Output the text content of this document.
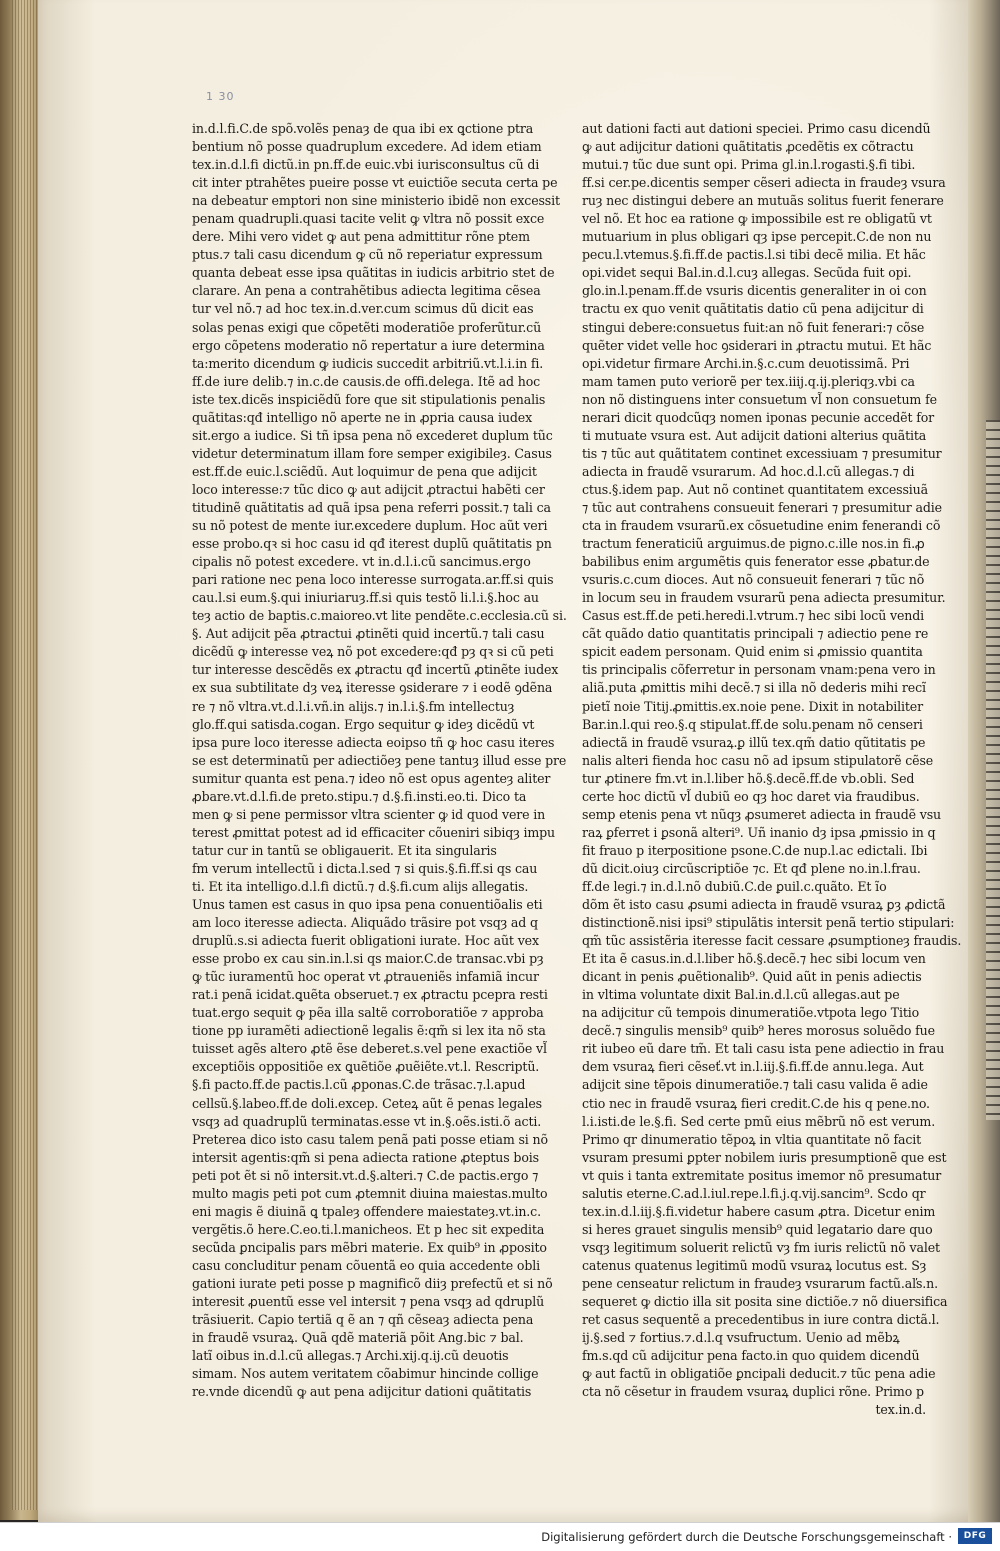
1 30
in.d.l.fi.C.de spõ.volẽs penaȝ de qua ibi ex ꝗctione ptra
bentium nõ posse quadruplum excedere. Ad idem etiam
tex.in.d.l.fi dictũ.in pn.ff.de euic.vbi iurisconsultus cũ di
cit inter ptrahẽtes pueire posse vt euictiõe secuta certa pe
na debeatur emptori non sine ministerio ibidẽ non excessit
penam quadrupli.quasi tacite velit ꝙ vltra nõ possit exce
dere. Mihi vero videt ꝙ aut pena admittitur rõne ptem
ptus.⁊ tali casu dicendum ꝙ cũ nõ reperiatur expressum
quanta debeat esse ipsa quãtitas in iudicis arbitrio stet de
clarare. An pena a contrahẽtibus adiecta legitima cẽsea
tur vel nõ.⁊ ad hoc tex.in.d.ver.cum scimus dũ dicit eas
solas penas exigi que cõpetẽti moderatiõe proferũtur.cũ
ergo cõpetens moderatio nõ repertatur a iure determina
ta:merito dicendum ꝙ iudicis succedit arbitriũ.vt.l.i.in fi.
ff.de iure delib.⁊ in.c.de causis.de offi.delega. Itẽ ad hoc
iste tex.dicẽs inspiciẽdũ fore que sit stipulationis penalis
quãtitas:qđ intelligo nõ aperte ne in ꝓpria causa iudex
sit.ergo a iudice. Si tñ ipsa pena nõ excederet duplum tũc
videtur determinatum illam fore semper exigibileȝ. Casus
est.ff.de euic.l.sciẽdũ. Aut loquimur de pena que adijcit
loco interesse:⁊ tũc dico ꝙ aut adijcit ꝓtractui habẽti cer
titudinẽ quãtitatis ad quã ipsa pena referri possit.⁊ tali ca
su nõ potest de mente iur.excedere duplum. Hoc aũt veri
esse probo.qꝛ si hoc casu id qđ iterest duplũ quãtitatis pn
cipalis nõ potest excedere. vt in.d.l.i.cũ sancimus.ergo
pari ratione nec pena loco interesse surrogata.ar.ff.si quis
cau.l.si eum.§.qui iniuriaruȝ.ff.si quis testõ li.l.i.§.hoc au
teȝ actio de baptis.c.maioreo.vt lite pendẽte.c.ecclesia.cũ si.
§. Aut adijcit pẽa ꝓtractui ꝓtinẽti quid incertũ.⁊ tali casu
dicẽdũ ꝙ interesse veꝝ nõ pot excedere:qđ pȝ qꝛ si cũ peti
tur interesse descẽdẽs ex ꝓtractu qđ incertũ ꝓtinẽte iudex
ex sua subtilitate dȝ veꝝ iteresse ꝯsiderare ⁊ i eodẽ ꝯdẽna
re ⁊ nõ vltra.vt.d.l.i.vñ.in alijs.⁊ in.l.i.§.fm intellectuȝ
glo.ff.qui satisda.cogan. Ergo sequitur ꝙ ideȝ dicẽdũ vt
ipsa pure loco iteresse adiecta eoipso tñ ꝙ hoc casu iteres
se est determinatũ per adiectiõeȝ pene tantuȝ illud esse pre
sumitur quanta est pena.⁊ ideo nõ est opus agenteȝ aliter
ꝓbare.vt.d.l.fi.de preto.stipu.⁊ d.§.fi.insti.eo.ti. Dico ta
men ꝙ si pene permissor vltra scienter ꝙ id quod vere in
terest ꝓmittat potest ad id efficaciter cõueniri sibiqȝ impu
tatur cur in tantũ se obligauerit. Et ita singularis
fm verum intellectũ i dicta.l.sed ⁊ si quis.§.fi.ff.si qs cau
ti. Et ita intelligo.d.l.fi dictũ.⁊ d.§.fi.cum alijs allegatis.
Unus tamen est casus in quo ipsa pena conuentiõalis eti
am loco iteresse adiecta. Aliquãdo trãsire pot vsqȝ ad q
druplũ.s.si adiecta fuerit obligationi iurate. Hoc aũt vex
esse probo ex cau sin.in.l.si qs maior.C.de transac.vbi pȝ
ꝙ tũc iuramentũ hoc operat vt ꝓtraueniẽs infamiã incur
rat.i penã icidat.ꝗuẽta obseruet.⁊ ex ꝓtractu pcepra resti
tuat.ergo sequit ꝙ pẽa illa saltẽ corroboratiõe ⁊ approba
tione pp iuramẽti adiectionẽ legalis ẽ:qm̃ si lex ita nõ sta
tuisset agẽs altero ꝓtẽ ẽse deberet.s.vel pene exactiõe vl̃
exceptiõis oppositiõe ex ꝗuẽtiõe ꝓuẽiẽte.vt.l. Rescriptũ.
§.fi pacto.ff.de pactis.l.cũ ꝓponas.C.de trãsac.⁊.l.apud
cellsũ.§.labeo.ff.de doli.excep. Ceteꝝ aũt ẽ penas legales
vsqȝ ad quadruplũ terminatas.esse vt in.§.oẽs.isti.õ acti.
Preterea dico isto casu talem penã pati posse etiam si nõ
intersit agentis:qm̃ si pena adiecta ratione ꝓteptus bois
peti pot ẽt si nõ intersit.vt.d.§.alteri.⁊ C.de pactis.ergo ⁊
multo magis peti pot cum ꝓtemnit diuina maiestas.multo
eni magis ẽ diuinã ꝗ tpaleȝ offendere maiestateȝ.vt.in.c.
vergẽtis.õ here.C.eo.ti.l.manicheos. Et p hec sit expedita
secũda ꝑncipalis pars mẽbri materie. Ex quib⁹ in ꝓposito
casu concluditur penam cõuentã eo quia accedente obli
gationi iurate peti posse p magnificõ diiȝ prefectũ et si nõ
interesit ꝓuentũ esse vel intersit ⁊ pena vsqȝ ad qdruplũ
trãsiuerit. Capio tertiã q ẽ an ⁊ qñ cẽseaȝ adiecta pena
in fraudẽ vsuraꝝ. Quã qdẽ materiã põit Ang.bic ⁊ bal.
latĩ oibus in.d.l.cũ allegas.⁊ Archi.xij.q.ij.cũ deuotis
simam. Nos autem veritatem cõabimur hincinde collige
re.vnde dicendũ ꝙ aut pena adijcitur dationi quãtitatis
aut dationi facti aut dationi speciei. Primo casu dicendũ
ꝙ aut adijcitur dationi quãtitatis ꝓcedẽtis ex cõtractu
mutui.⁊ tũc due sunt opi. Prima gl.in.l.rogasti.§.fi tibi.
ff.si cer.pe.dicentis semper cẽseri adiecta in fraudeȝ vsura
ruȝ nec distingui debere an mutuãs solitus fuerit fenerare
vel nõ. Et hoc ea ratione ꝙ impossibile est re obligatũ vt
mutuarium in plus obligari qȝ ipse percepit.C.de non nu
pecu.l.vtemus.§.fi.ff.de pactis.l.si tibi decẽ milia. Et hãc
opi.videt sequi Bal.in.d.l.cuȝ allegas. Secũda fuit opi.
glo.in.l.penam.ff.de vsuris dicentis generaliter in oi con
tractu ex quo venit quãtitatis datio cũ pena adijcitur di
stingui debere:consuetus fuit:an nõ fuit fenerari:⁊ cõse
quẽter videt velle hoc ꝯsiderari in ꝓtractu mutui. Et hãc
opi.videtur firmare Archi.in.§.c.cum deuotissimã. Pri
mam tamen puto veriorẽ per tex.iiij.q.ij.pleriqȝ.vbi ca
non nõ distinguens inter consuetum vl̃ non consuetum fe
nerari dicit quodcũqȝ nomen iponas pecunie accedẽt for
ti mutuate vsura est. Aut adijcit dationi alterius quãtita
tis ⁊ tũc aut quãtitatem continet excessiuam ⁊ presumitur
adiecta in fraudẽ vsurarum. Ad hoc.d.l.cũ allegas.⁊ di
ctus.§.idem pap. Aut nõ continet quantitatem excessiuã
⁊ tũc aut contrahens consueuit fenerari ⁊ presumitur adie
cta in fraudem vsurarũ.ex cõsuetudine enim fenerandi cõ
tractum feneraticiũ arguimus.de pigno.c.ille nos.in fi.ꝓ
babilibus enim argumẽtis quis fenerator esse ꝓbatur.de
vsuris.c.cum dioces. Aut nõ consueuit fenerari ⁊ tũc nõ
in locum seu in fraudem vsurarũ pena adiecta presumitur.
Casus est.ff.de peti.heredi.l.vtrum.⁊ hec sibi locũ vendi
cãt quãdo datio quantitatis principali ⁊ adiectio pene re
spicit eadem personam. Quid enim si ꝓmissio quantita
tis principalis cõferretur in personam vnam:pena vero in
aliã.puta ꝓmittis mihi decẽ.⁊ si illa nõ dederis mihi recĩ
pietĩ noie Titij.ꝓmittis.ex.noie pene. Dixit in notabiliter
Bar.in.l.qui reo.§.q stipulat.ff.de solu.penam nõ censeri
adiectã in fraudẽ vsuraꝝ.ꝑ illũ tex.qm̃ datio qũtitatis pe
nalis alteri fienda hoc casu nõ ad ipsum stipulatorẽ cẽse
tur ꝓtinere fm.vt in.l.liber hõ.§.decẽ.ff.de vb.obli. Sed
certe hoc dictũ vl̃ dubiũ eo qȝ hoc daret via fraudibus.
semp etenis pena vt nũqȝ ꝓsumeret adiecta in fraudẽ vsu
raꝝ ꝑferret i ꝑsonã alteri⁹. Uñ inanio dȝ ipsa ꝓmissio in q
fit frauo p iterpositione psone.C.de nup.l.ac edictali. Ibi
dũ dicit.oiuȝ circũscriptiõe ⁊c. Et qđ plene no.in.l.frau.
ff.de legi.⁊ in.d.l.nõ dubiũ.C.de ꝑuil.c.quãto. Et ĩo
dõm ẽt isto casu ꝓsumi adiecta in fraudẽ vsuraꝝ ꝑȝ ꝓdictã
distinctionẽ.nisi ipsi⁹ stipulãtis intersit penã tertio stipulari:
qm̃ tũc assistẽria iteresse facit cessare ꝓsumptioneȝ fraudis.
Et ita ẽ casus.in.d.l.liber hõ.§.decẽ.⁊ hec sibi locum ven
dicant in penis ꝓuẽtionalib⁹. Quid aũt in penis adiectis
in vltima voluntate dixit Bal.in.d.l.cũ allegas.aut pe
na adijcitur cũ tempois dinumeratiõe.vtpota lego Titio
decẽ.⁊ singulis mensib⁹ quib⁹ heres morosus soluẽdo fue
rit iubeo eũ dare tm̃. Et tali casu ista pene adiectio in frau
dem vsuraꝝ fieri cẽseť.vt in.l.iij.§.fi.ff.de annu.lega. Aut
adijcit sine tẽpois dinumeratiõe.⁊ tali casu valida ẽ adie
ctio nec in fraudẽ vsuraꝝ fieri credit.C.de his q pene.no.
l.i.isti.de le.§.fi. Sed certe pmũ eius mẽbrũ nõ est verum.
Primo qr dinumeratio tẽpoꝝ in vltia quantitate nõ facit
vsuram presumi ꝑpter nobilem iuris presumptionẽ que est
vt quis i tanta extremitate positus imemor nõ presumatur
salutis eterne.C.ad.l.iul.repe.l.fi.j.q.vij.sancim⁹. Scdo qr
tex.in.d.l.iij.§.fi.videtur habere casum ꝓtra. Dicetur enim
si heres grauet singulis mensib⁹ quid legatario dare quo
vsqȝ legitimum soluerit relictũ vȝ fm iuris relictũ nõ valet
catenus quatenus legitimũ modũ vsuraꝝ locutus est. Sȝ
pene censeatur relictum in fraudeȝ vsurarum factũ.aľs.n.
sequeret ꝙ dictio illa sit posita sine dictiõe.⁊ nõ diuersifica
ret casus sequentẽ a precedentibus in iure contra dictã.l.
ij.§.sed ⁊ fortius.⁊.d.l.q vsufructum. Uenio ad mẽbꝝ
fm.s.qd cũ adijcitur pena facto.in quo quidem dicendũ
ꝙ aut factũ in obligatiõe ꝑncipali deducit.⁊ tũc pena adie
cta nõ cẽsetur in fraudem vsuraꝝ duplici rõne. Primo p
tex.in.d.
Digitalisierung gefördert durch die Deutsche Forschungsgemeinschaft ·	DFG
